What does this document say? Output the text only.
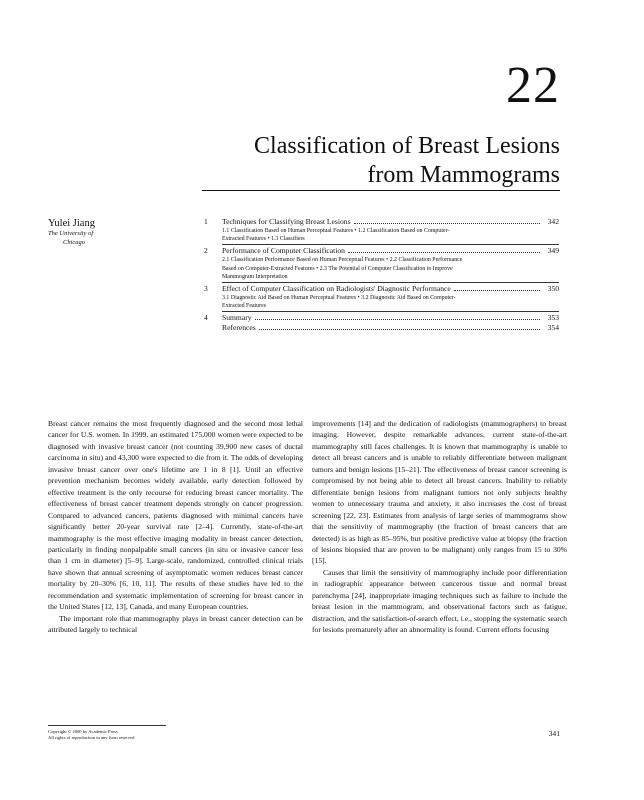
22
Classification of Breast Lesions
from Mammograms
Yulei Jiang
The University of
Chicago
1	Techniques for Classifying Breast Lesions	342
1.1 Classification Based on Human Perceptual Features • 1.2 Classification Based on Computer-
Extracted Features • 1.3 Classifiers
2	Performance of Computer Classification	349
2.1 Classification Performance Based on Human Perceptual Features • 2.2 Classification Performance
Based on Computer-Extracted Features • 2.3 The Potential of Computer Classification to Improve
Mammogram Interpretation
3	Effect of Computer Classification on Radiologists' Diagnostic Performance	350
3.1 Diagnostic Aid Based on Human Perceptual Features • 3.2 Diagnostic Aid Based on Computer-
Extracted Features
4	Summary	353
References	354

Breast cancer remains the most frequently diagnosed and the second most lethal cancer for U.S. women. In 1999, an estimated 175,000 women were expected to be diagnosed with invasive breast cancer (not counting 39,900 new cases of ductal carcinoma in situ) and 43,300 were expected to die from it. The odds of developing invasive breast cancer over one's lifetime are 1 in 8 [1]. Until an effective prevention mechanism becomes widely available, early detection followed by effective treatment is the only recourse for reducing breast cancer mortality. The effectiveness of breast cancer treatment depends strongly on cancer progression. Compared to advanced cancers, patients diagnosed with minimal cancers have significantly better 20-year survival rate [2–4]. Currently, state-of-the-art mammography is the most effective imaging modality in breast cancer detection, particularly in finding nonpalpable small cancers (in situ or invasive cancer less than 1 cm in diameter) [5–9]. Large-scale, randomized, controlled clinical trials have shown that annual screening of asymptomatic women reduces breast cancer mortality by 20–30% [6, 10, 11]. The results of these studies have led to the recommendation and systematic implementation of screening for breast cancer in the United States [12, 13], Canada, and many European countries.

The important role that mammography plays in breast cancer detection can be attributed largely to technical

improvements [14] and the dedication of radiologists (mammographers) to breast imaging. However, despite remarkable advances, current state-of-the-art mammography still faces challenges. It is known that mammography is unable to detect all breast cancers and is unable to reliably differentiate between malignant tumors and benign lesions [15–21]. The effectiveness of breast cancer screening is compromised by not being able to detect all breast cancers. Inability to reliably differentiate benign lesions from malignant tumors not only subjects healthy women to unnecessary trauma and anxiety, it also increases the cost of breast screening [22, 23]. Estimates from analysis of large series of mammograms show that the sensitivity of mammography (the fraction of breast cancers that are detected) is as high as 85–95%, but positive predictive value at biopsy (the fraction of lesions biopsied that are proven to be malignant) only ranges from 15 to 30% [15].

Causes that limit the sensitivity of mammography include poor differentiation in radiographic appearance between cancerous tissue and normal breast parenchyma [24], inappropriate imaging techniques such as failure to include the breast lesion in the mammogram, and observational factors such as fatigue, distraction, and the satisfaction-of-search effect, i.e., stopping the systematic search for lesions prematurely after an abnormality is found. Current efforts focusing

Copyright © 2000 by Academic Press
All rights of reproduction in any form reserved	341
